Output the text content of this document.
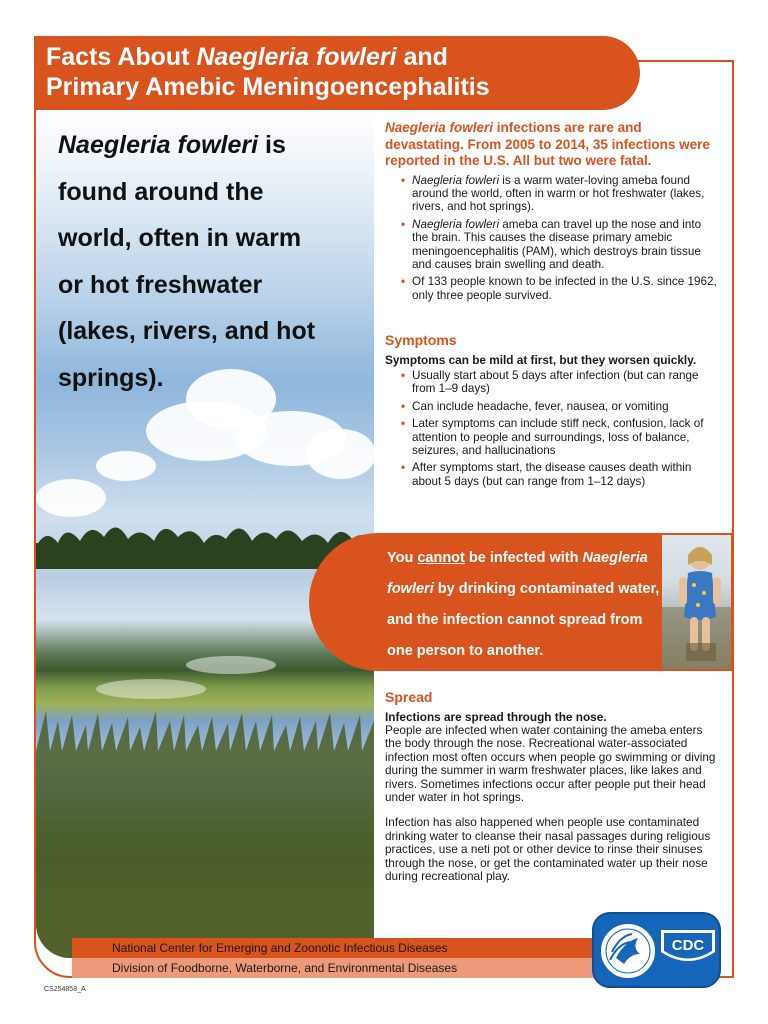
Facts About Naegleria fowleri and
Primary Amebic Meningoencephalitis
Naegleria fowleri is
found around the
world, often in warm
or hot freshwater
(lakes, rivers, and hot
springs).
Naegleria fowleri infections are rare and devastating. From 2005 to 2014, 35 infections were reported in the U.S. All but two were fatal.
• Naegleria fowleri is a warm water-loving ameba found around the world, often in warm or hot freshwater (lakes, rivers, and hot springs).
• Naegleria fowleri ameba can travel up the nose and into the brain. This causes the disease primary amebic meningoencephalitis (PAM), which destroys brain tissue and causes brain swelling and death.
• Of 133 people known to be infected in the U.S. since 1962, only three people survived.
Symptoms
Symptoms can be mild at first, but they worsen quickly.
• Usually start about 5 days after infection (but can range from 1–9 days)
• Can include headache, fever, nausea, or vomiting
• Later symptoms can include stiff neck, confusion, lack of attention to people and surroundings, loss of balance, seizures, and hallucinations
• After symptoms start, the disease causes death within about 5 days (but can range from 1–12 days)
You cannot be infected with Naegleria fowleri by drinking contaminated water, and the infection cannot spread from one person to another.
Spread
Infections are spread through the nose.
People are infected when water containing the ameba enters the body through the nose. Recreational water-associated infection most often occurs when people go swimming or diving during the summer in warm freshwater places, like lakes and rivers. Sometimes infections occur after people put their head under water in hot springs.
Infection has also happened when people use contaminated drinking water to cleanse their nasal passages during religious practices, use a neti pot or other device to rinse their sinuses through the nose, or get the contaminated water up their nose during recreational play.
National Center for Emerging and Zoonotic Infectious Diseases
Division of Foodborne, Waterborne, and Environmental Diseases
CDC
CS254858_A
